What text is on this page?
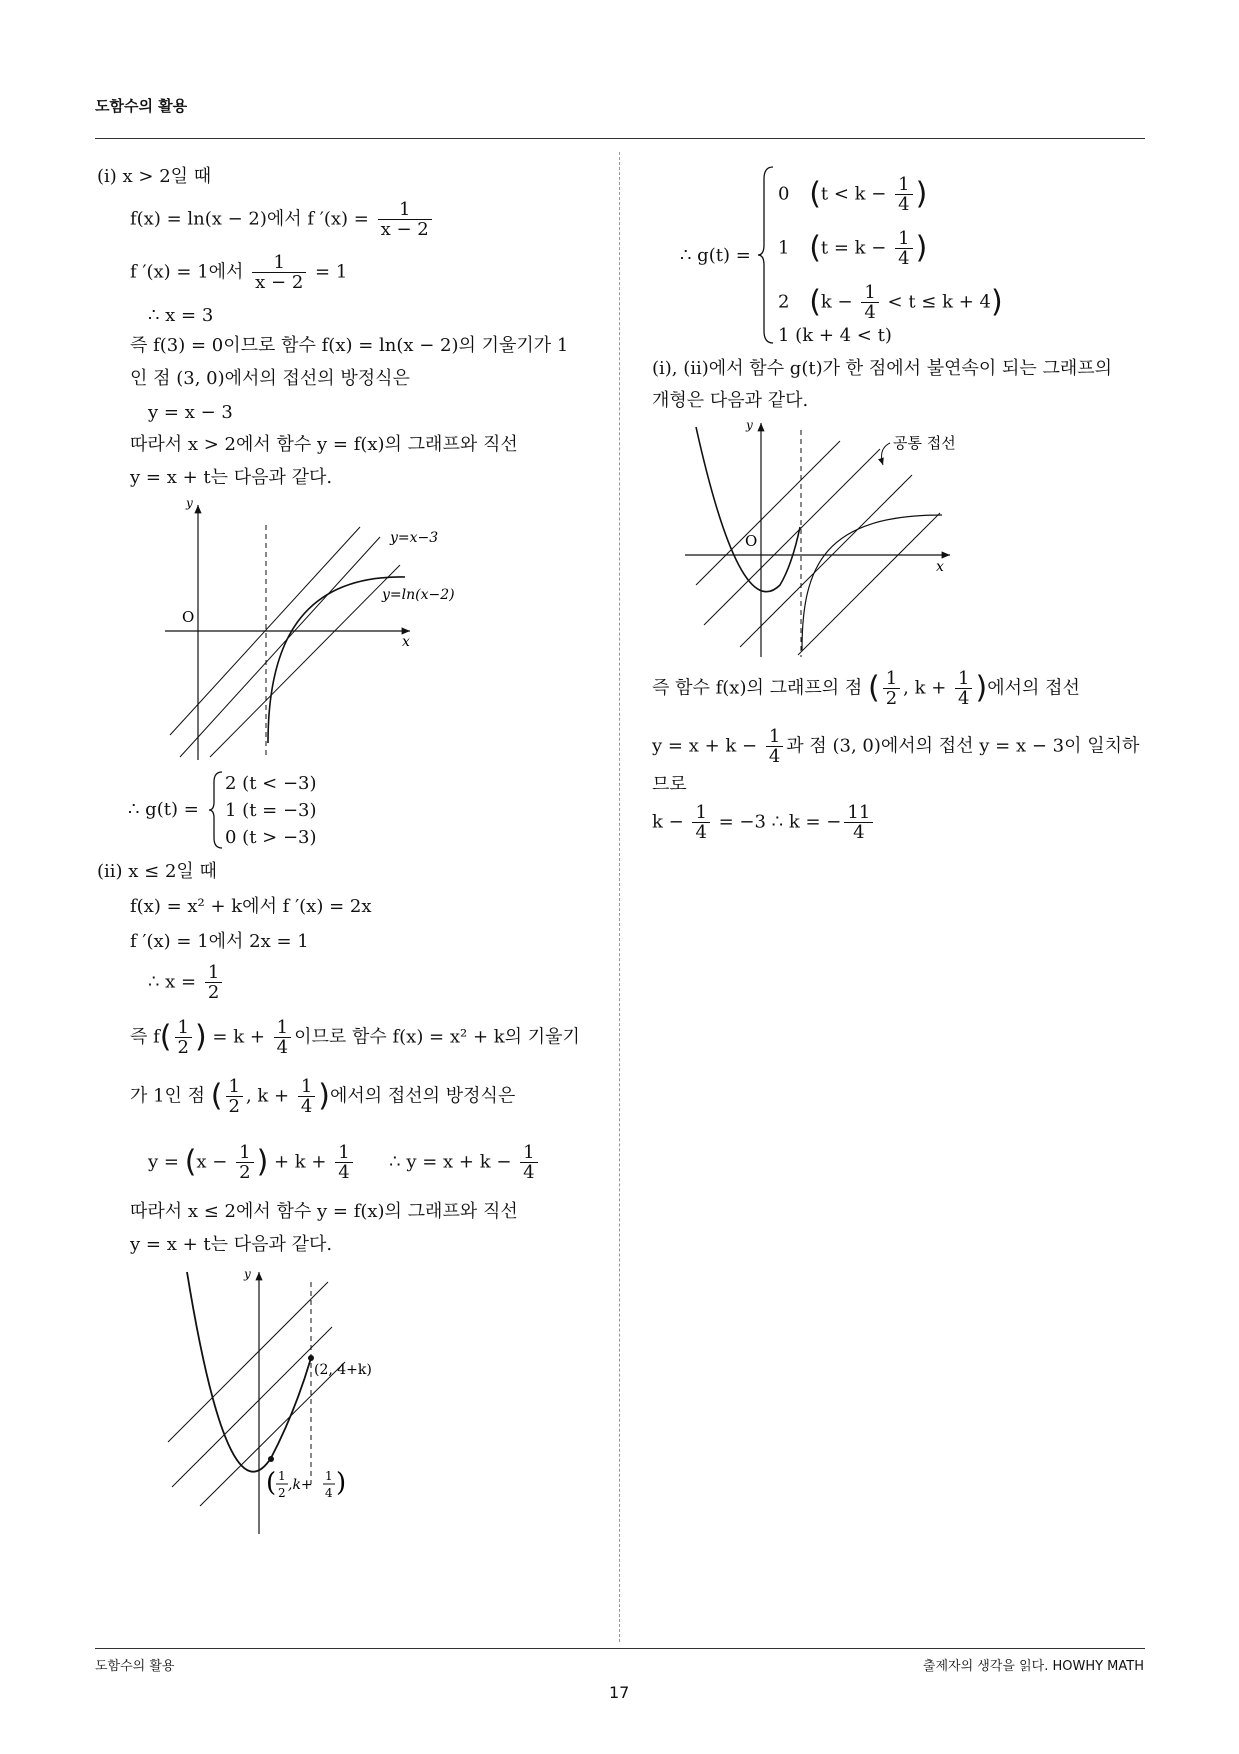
도함수의 활용
(i) x > 2일 때
f(x) = ln(x − 2)에서 f $'(x) = \frac{1}{x - 2}$
f ′(x) = 1에서 $\frac{1}{x - 2} = 1$
∴ x = 3
즉 f(3) = 0이므로 함수 f(x) = ln(x − 2)의 기울기가 1
인 점 (3, 0)에서의 접선의 방정식은
y = x − 3
따라서 x > 2에서 함수 y = f(x)의 그래프와 직선
y = x + t는 다음과 같다.
y
x
O
y=x−3
y=ln(x−2)
∴ g(t) =
2 (t < −3)
1 (t = −3)
0 (t > −3)
(ii) x ≤ 2일 때
f(x) = x² + k에서 f ′(x) = 2x
f ′(x) = 1에서 2x = 1
∴ $x = \frac{1}{2}$
즉 $f( \frac{1}{2}$ ) = $k + \frac{1}{4}$ 이므로 함수 f(x) = x² + k의 기울기
가 1인 점 ( $\frac{1}{2}$ , $k + \frac{1}{4}$ )에서의 접선의 방정식은
$y = (x - \frac{1}{2}$ ) + $k + \frac{1}{4}$ ∴ $y = x + k - \frac{1}{4}$
따라서 x ≤ 2에서 함수 y = f(x)의 그래프와 직선
y = x + t는 다음과 같다.
y
(2, 4+k)
( 1
2 ,k+
1
4 )
∴ g(t) =
0 ($t < k - \frac{1}{4}$ )
1 ($t = k - \frac{1}{4}$ )
2 $(k - \frac{1}{4} < t \le k + 4)$
1 (k + 4 < t)
(i), (ii)에서 함수 g(t)가 한 점에서 불연속이 되는 그래프의
개형은 다음과 같다.
y
x
O
공통 접선
즉 함수 f(x)의 그래프의 점 ( $\frac{1}{2}$ , $k + \frac{1}{4}$ )에서의 접선
$y = x + k - \frac{1}{4}$ 과 점 (3, 0)에서의 접선 y = x − 3이 일치하
므로
$k - \frac{1}{4} = -3$ ∴ k = − $\frac{11}{4}$
도함수의 활용	출제자의 생각을 읽다. HOWHY MATH
17
